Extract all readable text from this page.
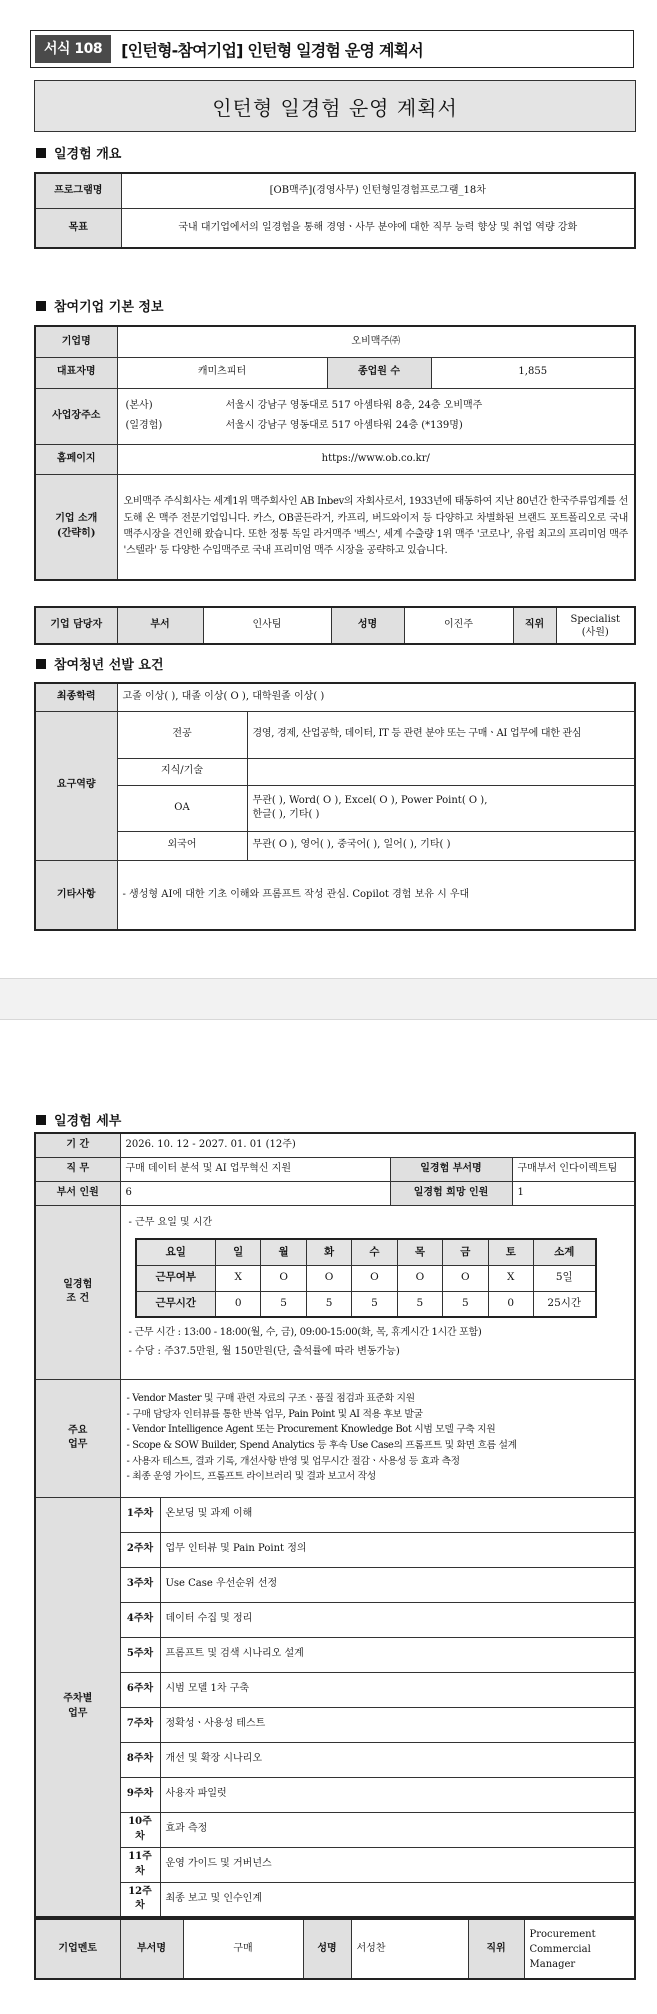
서식 108	[인턴형-참여기업] 인턴형 일경험 운영 계획서
인턴형 일경험 운영 계획서
일경험 개요
프로그램명	[OB맥주](경영사무) 인턴형일경험프로그램_18차
목표	국내 대기업에서의 일경험을 통해 경영ㆍ사무 분야에 대한 직무 능력 향상 및 취업 역량 강화
참여기업 기본 정보
기업명	오비맥주㈜		
대표자명	캐미츠피터	종업원 수	1,855
사업장주소	(본사) 서울시 강남구 영동대로 517 아셈타워 8층, 24층 오비맥주
(일경험) 서울시 강남구 영동대로 517 아셈타워 24층 (*139명)		

홈페이지	https://www.ob.co.kr/		

기업 소개
(간략히)	오비맥주 주식회사는 세계1위 맥주회사인 AB Inbev의 자회사로서, 1933년에 태동하여 지난 80년간 한국주류업계를 선도해 온 맥주 전문기업입니다. 카스, OB골든라거, 카프리, 버드와이저 등 다양하고 차별화된 브랜드 포트폴리오로 국내 맥주시장을 견인해 왔습니다. 또한 정통 독일 라거맥주 '벡스', 세계 수출량 1위 맥주 '코로나', 유럽 최고의 프리미엄 맥주 '스텔라' 등 다양한 수입맥주로 국내 프리미엄 맥주 시장을 공략하고 있습니다.		
기업 담당자	부서	인사팀	성명	이진주	직위	
Specialist
(사원)
참여청년 선발 요건
최종학력	고졸 이상( ), 대졸 이상( O ), 대학원졸 이상( )	
요구역량	전공	경영, 경제, 산업공학, 데이터, IT 등 관련 분야 또는 구매ㆍAI 업무에 대한 관심
	지식/기술	
	OA	무관( ), Word( O ), Excel( O ), Power Point( O ),
한글( ), 기타( )

	외국어	무관( O ), 영어( ), 중국어( ), 일어( ), 기타( )
기타사항	- 생성형 AI에 대한 기초 이해와 프롬프트 작성 관심. Copilot 경험 보유 시 우대	
일경험 세부
기 간	2026. 10. 12 - 2027. 01. 01 (12주)
직 무	구매 데이터 분석 및 AI 업무혁신 지원	일경험 부서명	구매부서 인다이렉트팀
부서 인원	6	일경험 희망 인원	1

일경험
조 건

- 근무 요일 및 시간
요일	일	월	화	수	목	금	토	소계
근무여부	X	O	O	O	O	O	X	5일
근무시간	0	5	5	5	5	5	0	25시간
- 근무 시간 : 13:00 - 18:00(월, 수, 금), 09:00-15:00(화, 목, 휴게시간 1시간 포함)
- 수당 : 주37.5만원, 월 150만원(단, 출석률에 따라 변동가능)

주요
업무

- Vendor Master 및 구매 관련 자료의 구조ㆍ품질 점검과 표준화 지원
- 구매 담당자 인터뷰를 통한 반복 업무, Pain Point 및 AI 적용 후보 발굴
- Vendor Intelligence Agent 또는 Procurement Knowledge Bot 시범 모델 구축 지원
- Scope & SOW Builder, Spend Analytics 등 후속 Use Case의 프롬프트 및 화면 흐름 설계
- 사용자 테스트, 결과 기록, 개선사항 반영 및 업무시간 절감ㆍ사용성 등 효과 측정
- 최종 운영 가이드, 프롬프트 라이브러리 및 결과 보고서 작성

주차별
업무
	1주차	온보딩 및 과제 이해
2주차	업무 인터뷰 및 Pain Point 정의
3주차	Use Case 우선순위 선정
4주차	데이터 수집 및 정리
5주차	프롬프트 및 검색 시나리오 설계
6주차	시범 모델 1차 구축
7주차	정확성ㆍ사용성 테스트
8주차	개선 및 확장 시나리오
9주차	사용자 파일럿
10주차	효과 측정
11주차	운영 가이드 및 거버넌스
12주차	최종 보고 및 인수인계
기업멘토	부서명	구매	성명	서성찬	직위	
Procurement
Commercial
Manager
